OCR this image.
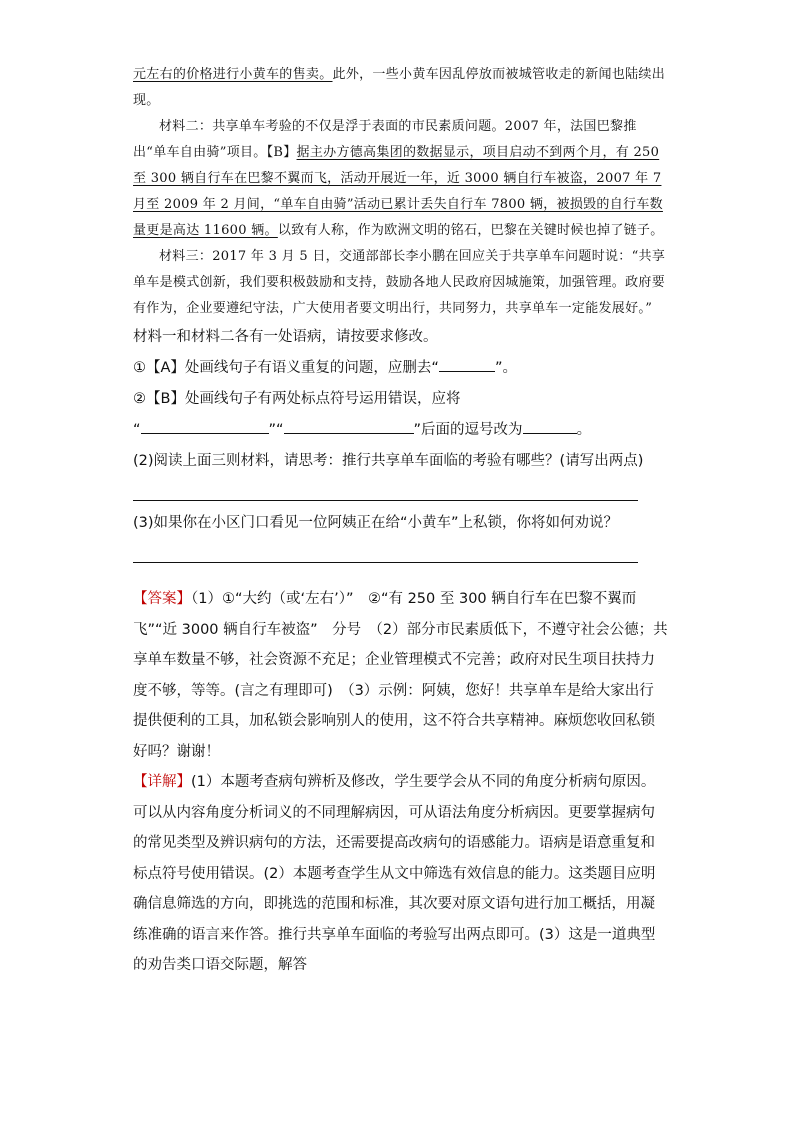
元左右的价格进行小黄车的售卖。此外，一些小黄车因乱停放而被城管收走的新闻也陆续出现。

材料二：共享单车考验的不仅是浮于表面的市民素质问题。2007 年，法国巴黎推出“单车自由骑”项目。【B】据主办方德高集团的数据显示，项目启动不到两个月，有 250 至 300 辆自行车在巴黎不翼而飞，活动开展近一年，近 3000 辆自行车被盗，2007 年 7 月至 2009 年 2 月间，“单车自由骑”活动已累计丢失自行车 7800 辆，被损毁的自行车数量更是高达 11600 辆。以致有人称，作为欧洲文明的铭石，巴黎在关键时候也掉了链子。

材料三：2017 年 3 月 5 日，交通部部长李小鹏在回应关于共享单车问题时说：“共享单车是模式创新，我们要积极鼓励和支持，鼓励各地人民政府因城施策，加强管理。政府要有作为，企业要遵纪守法，广大使用者要文明出行，共同努力，共享单车一定能发展好。”

材料一和材料二各有一处语病，请按要求修改。

①【A】处画线句子有语义重复的问题，应删去“	”。

②【B】处画线句子有两处标点符号运用错误，应将

“	”“	”后面的逗号改为	。

(2)阅读上面三则材料，请思考：推行共享单车面临的考验有哪些？(请写出两点)

(3)如果你在小区门口看见一位阿姨正在给“小黄车”上私锁，你将如何劝说？

【答案】（1）①“大约（或‘左右’）”　②“有 250 至 300 辆自行车在巴黎不翼而飞”“近 3000 辆自行车被盗”　分号　（2）部分市民素质低下，不遵守社会公德；共享单车数量不够，社会资源不充足；企业管理模式不完善；政府对民生项目扶持力度不够，等等。(言之有理即可)　（3）示例：阿姨，您好！共享单车是给大家出行提供便利的工具，加私锁会影响别人的使用，这不符合共享精神。麻烦您收回私锁好吗？谢谢！

【详解】(1）本题考查病句辨析及修改，学生要学会从不同的角度分析病句原因。可以从内容角度分析词义的不同理解病因，可从语法角度分析病因。更要掌握病句的常见类型及辨识病句的方法，还需要提高改病句的语感能力。语病是语意重复和标点符号使用错误。(2）本题考查学生从文中筛选有效信息的能力。这类题目应明确信息筛选的方向，即挑选的范围和标准，其次要对原文语句进行加工概括，用凝练准确的语言来作答。推行共享单车面临的考验写出两点即可。(3）这是一道典型的劝告类口语交际题，解答
